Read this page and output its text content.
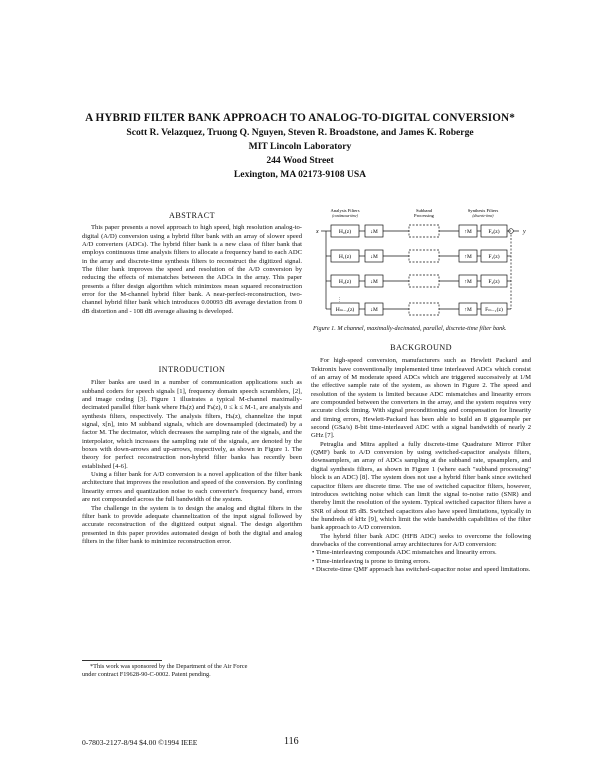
A HYBRID FILTER BANK APPROACH TO ANALOG-TO-DIGITAL CONVERSION*
Scott R. Velazquez, Truong Q. Nguyen, Steven R. Broadstone, and James K. Roberge
MIT Lincoln Laboratory
244 Wood Street
Lexington, MA 02173-9108 USA
ABSTRACT

This paper presents a novel approach to high speed, high resolution analog-to-digital (A/D) conversion using a hybrid filter bank with an array of slower speed A/D converters (ADCs). The hybrid filter bank is a new class of filter bank that employs continuous time analysis filters to allocate a frequency band to each ADC in the array and discrete-time synthesis filters to reconstruct the digitized signal. The filter bank improves the speed and resolution of the A/D conversion by reducing the effects of mismatches between the ADCs in the array. This paper presents a filter design algorithm which minimizes mean squared reconstruction error for the M-channel hybrid filter bank. A near-perfect-reconstruction, two-channel hybrid filter bank which introduces 0.00093 dB average deviation from 0 dB distortion and - 108 dB average aliasing is developed.

INTRODUCTION

Filter banks are used in a number of communication applications such as subband coders for speech signals [1], frequency domain speech scramblers, [2], and image coding [3]. Figure 1 illustrates a typical M-channel maximally-decimated parallel filter bank where Hₖ(z) and Fₖ(z), 0 ≤ k ≤ M-1, are analysis and synthesis filters, respectively. The analysis filters, Hₖ(z), channelize the input signal, x[n], into M subband signals, which are downsampled (decimated) by a factor M. The decimator, which decreases the sampling rate of the signals, and the interpolator, which increases the sampling rate of the signals, are denoted by the boxes with down-arrows and up-arrows, respectively, as shown in Figure 1. The theory for perfect reconstruction non-hybrid filter banks has recently been established [4-6].

Using a filter bank for A/D conversion is a novel application of the filter bank architecture that improves the resolution and speed of the conversion. By confining linearity errors and quantization noise to each converter's frequency band, errors are not compounded across the full bandwidth of the system.

The challenge in the system is to design the analog and digital filters in the filter bank to provide adequate channelization of the input signal followed by accurate reconstruction of the digitized output signal. The design algorithm presented in this paper provides automated design of both the digital and analog filters in the filter bank to minimize reconstruction error.

*This work was sponsored by the Department of the Air Force
under contract F19628-90-C-0002. Patent pending.
0-7803-2127-8/94 $4.00 ©1994 IEEE	116
Analysis Filters
(continuous-time)
Subband
Processing
Synthesis Filters
(discrete-time)
x	y
⋮
H₀(z)	↓M	↑M	F₀(z)
H₁(z)	↓M	↑M	F₁(z)
H₂(z)	↓M	↑M	F₂(z)
Hₘ₋₁(z)	↓M	↑M Fₘ₋₁(z)
Figure 1. M channel, maximally-decimated, parallel, discrete-time filter bank.
BACKGROUND

For high-speed conversion, manufacturers such as Hewlett Packard and Tektronix have conventionally implemented time interleaved ADCs which consist of an array of M moderate speed ADCs which are triggered successively at 1/M the effective sample rate of the system, as shown in Figure 2. The speed and resolution of the system is limited because ADC mismatches and linearity errors are compounded between the converters in the array, and the system requires very accurate clock timing. With signal preconditioning and compensation for linearity and timing errors, Hewlett-Packard has been able to build an 8 gigasample per second (GSa/s) 8-bit time-interleaved ADC with a signal bandwidth of nearly 2 GHz [7].

Petraglia and Mitra applied a fully discrete-time Quadrature Mirror Filter (QMF) bank to A/D conversion by using switched-capacitor analysis filters, downsamplers, an array of ADCs sampling at the subband rate, upsamplers, and digital synthesis filters, as shown in Figure 1 (where each "subband processing" block is an ADC) [8]. The system does not use a hybrid filter bank since switched capacitor filters are discrete time. The use of switched capacitor filters, however, introduces switching noise which can limit the signal to-noise ratio (SNR) and thereby limit the resolution of the system. Typical switched capacitor filters have a SNR of about 85 dB. Switched capacitors also have speed limitations, typically in the hundreds of kHz [9], which limit the wide bandwidth capabilities of the filter bank approach to A/D conversion.

The hybrid filter bank ADC (HFB ADC) seeks to overcome the following drawbacks of the conventional array architectures for A/D conversion:

• Time-interleaving compounds ADC mismatches and linearity errors.
• Time-interleaving is prone to timing errors.
• Discrete-time QMF approach has switched-capacitor noise and speed limitations.
